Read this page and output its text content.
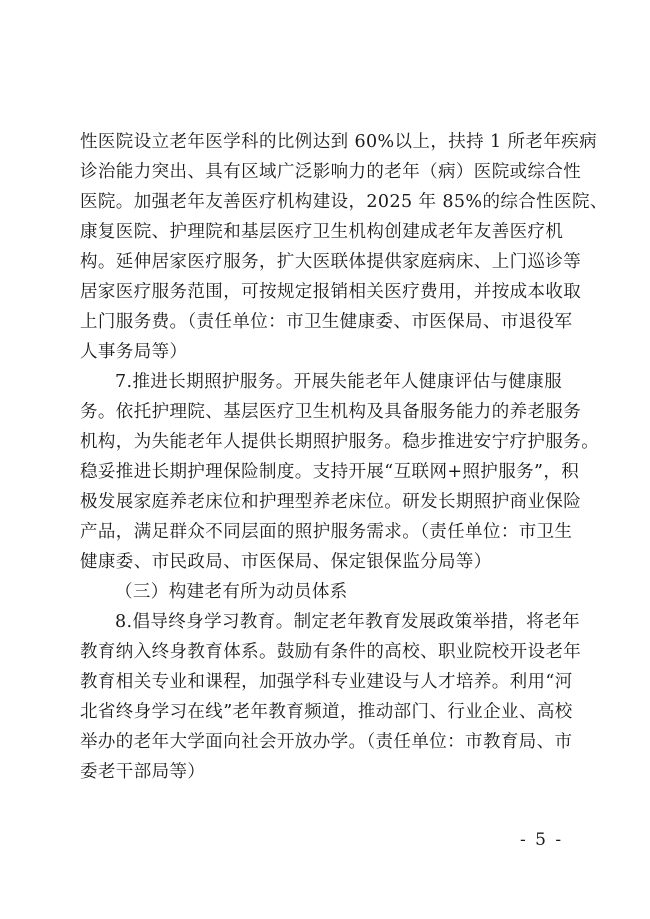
性医院设立老年医学科的比例达到 60%以上，扶持 1 所老年疾病
诊治能力突出、具有区域广泛影响力的老年（病）医院或综合性
医院。加强老年友善医疗机构建设，2025 年 85%的综合性医院、
康复医院、护理院和基层医疗卫生机构创建成老年友善医疗机
构。延伸居家医疗服务，扩大医联体提供家庭病床、上门巡诊等
居家医疗服务范围，可按规定报销相关医疗费用，并按成本收取
上门服务费。（责任单位：市卫生健康委、市医保局、市退役军
人事务局等）
7.推进长期照护服务。开展失能老年人健康评估与健康服
务。依托护理院、基层医疗卫生机构及具备服务能力的养老服务
机构，为失能老年人提供长期照护服务。稳步推进安宁疗护服务。
稳妥推进长期护理保险制度。支持开展“互联网+照护服务”，积
极发展家庭养老床位和护理型养老床位。研发长期照护商业保险
产品，满足群众不同层面的照护服务需求。（责任单位：市卫生
健康委、市民政局、市医保局、保定银保监分局等）
（三）构建老有所为动员体系
8.倡导终身学习教育。制定老年教育发展政策举措，将老年
教育纳入终身教育体系。鼓励有条件的高校、职业院校开设老年
教育相关专业和课程，加强学科专业建设与人才培养。利用“河
北省终身学习在线”老年教育频道，推动部门、行业企业、高校
举办的老年大学面向社会开放办学。（责任单位：市教育局、市
委老干部局等）
- 5 -
